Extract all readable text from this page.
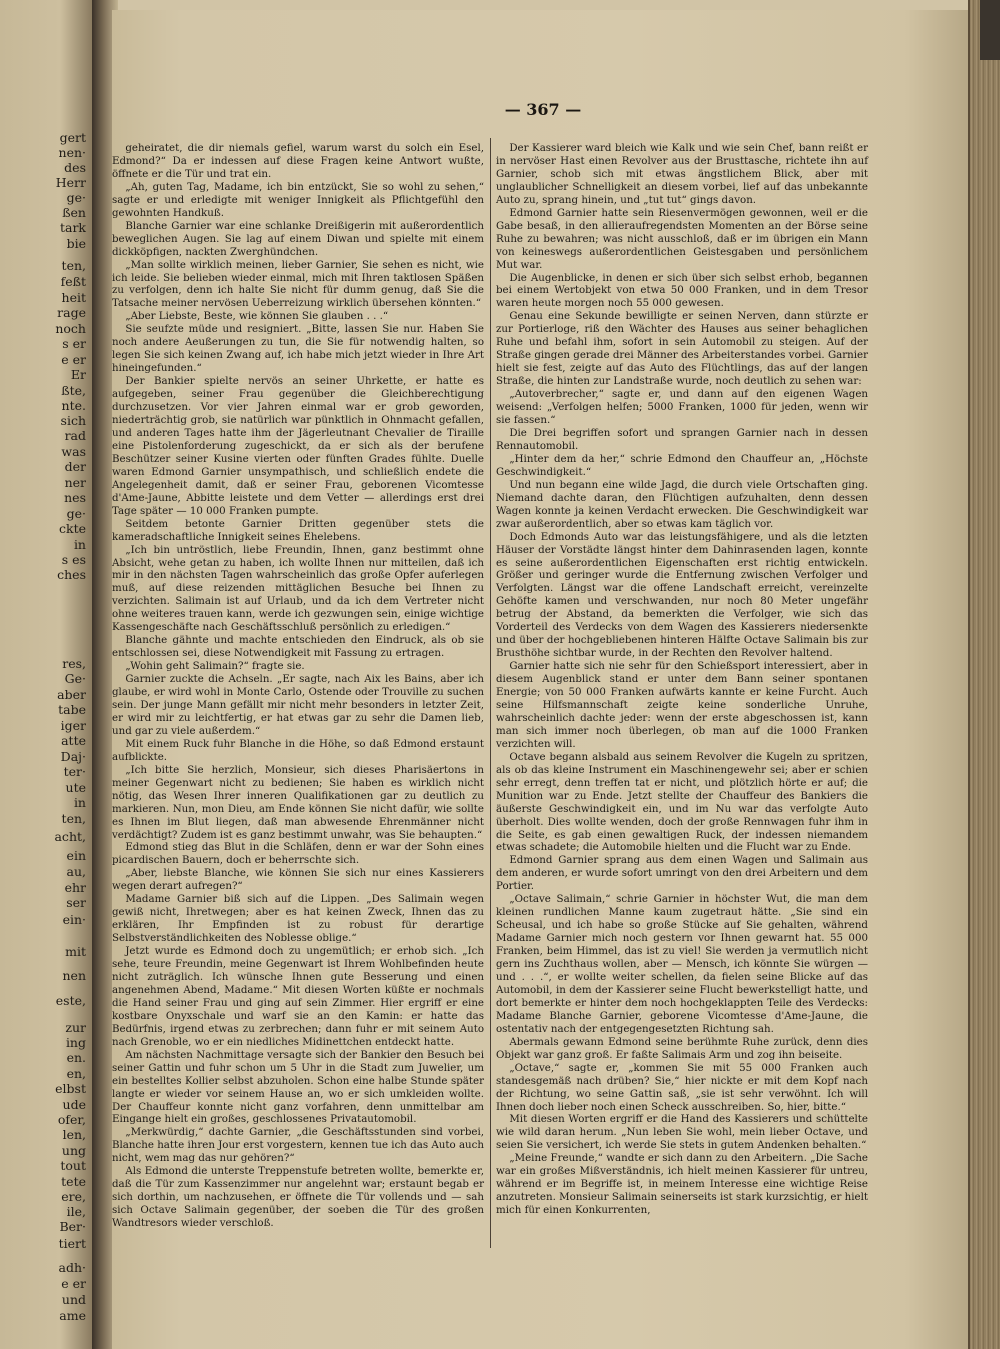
gert
nen·
des
Herr
ge·
ßen
tark
bie
ten,
feßt
heit
rage
noch
s er
e er
Er
ßte,
nte.
sich
rad
was
der
ner
nes
ge·
ckte
in
s es
ches
res,
Ge·
aber
tabe
iger
atte
Daj·
ter·
ute
in
ten,
acht,
ein
au,
ehr
ser
ein·
mit
nen
este,
zur
ing
en.
en,
elbst
ude
ofer,
len,
ung
tout
tete
ere,
ile,
Ber·
tiert
adh·
e er
und
ame
— 367 —

geheiratet, die dir niemals gefiel, warum warst du solch ein Esel, Edmond?“ Da er indessen auf diese Fragen keine Antwort wußte, öffnete er die Tür und trat ein.

„Ah, guten Tag, Madame, ich bin entzückt, Sie so wohl zu sehen,“ sagte er und erledigte mit weniger Innigkeit als Pflichtgefühl den gewohnten Handkuß.

Blanche Garnier war eine schlanke Dreißigerin mit außerordentlich beweglichen Augen. Sie lag auf einem Diwan und spielte mit einem dickköpfigen, nackten Zwerghündchen.

„Man sollte wirklich meinen, lieber Garnier, Sie sehen es nicht, wie ich leide. Sie belieben wieder einmal, mich mit Ihren taktlosen Späßen zu verfolgen, denn ich halte Sie nicht für dumm genug, daß Sie die Tatsache meiner nervösen Ueberreizung wirklich übersehen könnten.“

„Aber Liebste, Beste, wie können Sie glauben . . .“

Sie seufzte müde und resigniert. „Bitte, lassen Sie nur. Haben Sie noch andere Aeußerungen zu tun, die Sie für notwendig halten, so legen Sie sich keinen Zwang auf, ich habe mich jetzt wieder in Ihre Art hineingefunden.“

Der Bankier spielte nervös an seiner Uhrkette, er hatte es aufgegeben, seiner Frau gegenüber die Gleichberechtigung durchzusetzen. Vor vier Jahren einmal war er grob geworden, niederträchtig grob, sie natürlich war pünktlich in Ohnmacht gefallen, und anderen Tages hatte ihm der Jägerleutnant Chevalier de Tiraille eine Pistolenforderung zugeschickt, da er sich als der berufene Beschützer seiner Kusine vierten oder fünften Grades fühlte. Duelle waren Edmond Garnier unsympathisch, und schließlich endete die Angelegenheit damit, daß er seiner Frau, geborenen Vicomtesse d'Ame-Jaune, Abbitte leistete und dem Vetter — allerdings erst drei Tage später — 10 000 Franken pumpte.

Seitdem betonte Garnier Dritten gegenüber stets die kameradschaftliche Innigkeit seines Ehelebens.

„Ich bin untröstlich, liebe Freundin, Ihnen, ganz bestimmt ohne Absicht, wehe getan zu haben, ich wollte Ihnen nur mitteilen, daß ich mir in den nächsten Tagen wahrscheinlich das große Opfer auferlegen muß, auf diese reizenden mittäglichen Besuche bei Ihnen zu verzichten. Salimain ist auf Urlaub, und da ich dem Vertreter nicht ohne weiteres trauen kann, werde ich gezwungen sein, einige wichtige Kassengeschäfte nach Geschäftsschluß persönlich zu erledigen.“

Blanche gähnte und machte entschieden den Eindruck, als ob sie entschlossen sei, diese Notwendigkeit mit Fassung zu ertragen.

„Wohin geht Salimain?“ fragte sie.

Garnier zuckte die Achseln. „Er sagte, nach Aix les Bains, aber ich glaube, er wird wohl in Monte Carlo, Ostende oder Trouville zu suchen sein. Der junge Mann gefällt mir nicht mehr besonders in letzter Zeit, er wird mir zu leichtfertig, er hat etwas gar zu sehr die Damen lieb, und gar zu viele außerdem.“

Mit einem Ruck fuhr Blanche in die Höhe, so daß Edmond erstaunt aufblickte.

„Ich bitte Sie herzlich, Monsieur, sich dieses Pharisäertons in meiner Gegenwart nicht zu bedienen; Sie haben es wirklich nicht nötig, das Wesen Ihrer inneren Qualifikationen gar zu deutlich zu markieren. Nun, mon Dieu, am Ende können Sie nicht dafür, wie sollte es Ihnen im Blut liegen, daß man abwesende Ehrenmänner nicht verdächtigt? Zudem ist es ganz bestimmt unwahr, was Sie behaupten.“

Edmond stieg das Blut in die Schläfen, denn er war der Sohn eines picardischen Bauern, doch er beherrschte sich.

„Aber, liebste Blanche, wie können Sie sich nur eines Kassierers wegen derart aufregen?“

Madame Garnier biß sich auf die Lippen. „Des Salimain wegen gewiß nicht, Ihretwegen; aber es hat keinen Zweck, Ihnen das zu erklären, Ihr Empfinden ist zu robust für derartige Selbstverständlichkeiten des Noblesse oblige.“

Jetzt wurde es Edmond doch zu ungemütlich; er erhob sich. „Ich sehe, teure Freundin, meine Gegenwart ist Ihrem Wohlbefinden heute nicht zuträglich. Ich wünsche Ihnen gute Besserung und einen angenehmen Abend, Madame.“ Mit diesen Worten küßte er nochmals die Hand seiner Frau und ging auf sein Zimmer. Hier ergriff er eine kostbare Onyxschale und warf sie an den Kamin: er hatte das Bedürfnis, irgend etwas zu zerbrechen; dann fuhr er mit seinem Auto nach Grenoble, wo er ein niedliches Midinettchen entdeckt hatte.

Am nächsten Nachmittage versagte sich der Bankier den Besuch bei seiner Gattin und fuhr schon um 5 Uhr in die Stadt zum Juwelier, um ein bestelltes Kollier selbst abzuholen. Schon eine halbe Stunde später langte er wieder vor seinem Hause an, wo er sich umkleiden wollte. Der Chauffeur konnte nicht ganz vorfahren, denn unmittelbar am Eingange hielt ein großes, geschlossenes Privatautomobil.

„Merkwürdig,“ dachte Garnier, „die Geschäftsstunden sind vorbei, Blanche hatte ihren Jour erst vorgestern, kennen tue ich das Auto auch nicht, wem mag das nur gehören?“

Als Edmond die unterste Treppenstufe betreten wollte, bemerkte er, daß die Tür zum Kassenzimmer nur angelehnt war; erstaunt begab er sich dorthin, um nachzusehen, er öffnete die Tür vollends und — sah sich Octave Salimain gegenüber, der soeben die Tür des großen Wandtresors wieder verschloß.

Der Kassierer ward bleich wie Kalk und wie sein Chef, bann reißt er in nervöser Hast einen Revolver aus der Brusttasche, richtete ihn auf Garnier, schob sich mit etwas ängstlichem Blick, aber mit unglaublicher Schnelligkeit an diesem vorbei, lief auf das unbekannte Auto zu, sprang hinein, und „tut tut“ gings davon.

Edmond Garnier hatte sein Riesenvermögen gewonnen, weil er die Gabe besaß, in den allieraufregendsten Momenten an der Börse seine Ruhe zu bewahren; was nicht ausschloß, daß er im übrigen ein Mann von keineswegs außerordentlichen Geistesgaben und persönlichem Mut war.

Die Augenblicke, in denen er sich über sich selbst erhob, begannen bei einem Wertobjekt von etwa 50 000 Franken, und in dem Tresor waren heute morgen noch 55 000 gewesen.

Genau eine Sekunde bewilligte er seinen Nerven, dann stürzte er zur Portierloge, riß den Wächter des Hauses aus seiner behaglichen Ruhe und befahl ihm, sofort in sein Automobil zu steigen. Auf der Straße gingen gerade drei Männer des Arbeiterstandes vorbei. Garnier hielt sie fest, zeigte auf das Auto des Flüchtlings, das auf der langen Straße, die hinten zur Landstraße wurde, noch deutlich zu sehen war:

„Autoverbrecher,“ sagte er, und dann auf den eigenen Wagen weisend: „Verfolgen helfen; 5000 Franken, 1000 für jeden, wenn wir sie fassen.“

Die Drei begriffen sofort und sprangen Garnier nach in dessen Rennautomobil.

„Hinter dem da her,“ schrie Edmond den Chauffeur an, „Höchste Geschwindigkeit.“

Und nun begann eine wilde Jagd, die durch viele Ortschaften ging. Niemand dachte daran, den Flüchtigen aufzuhalten, denn dessen Wagen konnte ja keinen Verdacht erwecken. Die Geschwindigkeit war zwar außerordentlich, aber so etwas kam täglich vor.

Doch Edmonds Auto war das leistungsfähigere, und als die letzten Häuser der Vorstädte längst hinter dem Dahinrasenden lagen, konnte es seine außerordentlichen Eigenschaften erst richtig entwickeln. Größer und geringer wurde die Entfernung zwischen Verfolger und Verfolgten. Längst war die offene Landschaft erreicht, vereinzelte Gehöfte kamen und verschwanden, nur noch 80 Meter ungefähr betrug der Abstand, da bemerkten die Verfolger, wie sich das Vorderteil des Verdecks von dem Wagen des Kassierers niedersenkte und über der hochgebliebenen hinteren Hälfte Octave Salimain bis zur Brusthöhe sichtbar wurde, in der Rechten den Revolver haltend.

Garnier hatte sich nie sehr für den Schießsport interessiert, aber in diesem Augenblick stand er unter dem Bann seiner spontanen Energie; von 50 000 Franken aufwärts kannte er keine Furcht. Auch seine Hilfsmannschaft zeigte keine sonderliche Unruhe, wahrscheinlich dachte jeder: wenn der erste abgeschossen ist, kann man sich immer noch überlegen, ob man auf die 1000 Franken verzichten will.

Octave begann alsbald aus seinem Revolver die Kugeln zu spritzen, als ob das kleine Instrument ein Maschinengewehr sei; aber er schien sehr erregt, denn treffen tat er nicht, und plötzlich hörte er auf; die Munition war zu Ende. Jetzt stellte der Chauffeur des Bankiers die äußerste Geschwindigkeit ein, und im Nu war das verfolgte Auto überholt. Dies wollte wenden, doch der große Rennwagen fuhr ihm in die Seite, es gab einen gewaltigen Ruck, der indessen niemandem etwas schadete; die Automobile hielten und die Flucht war zu Ende.

Edmond Garnier sprang aus dem einen Wagen und Salimain aus dem anderen, er wurde sofort umringt von den drei Arbeitern und dem Portier.

„Octave Salimain,“ schrie Garnier in höchster Wut, die man dem kleinen rundlichen Manne kaum zugetraut hätte. „Sie sind ein Scheusal, und ich habe so große Stücke auf Sie gehalten, während Madame Garnier mich noch gestern vor Ihnen gewarnt hat. 55 000 Franken, beim Himmel, das ist zu viel! Sie werden ja vermutlich nicht gern ins Zuchthaus wollen, aber — Mensch, ich könnte Sie würgen — und . . .“, er wollte weiter schellen, da fielen seine Blicke auf das Automobil, in dem der Kassierer seine Flucht bewerkstelligt hatte, und dort bemerkte er hinter dem noch hochgeklappten Teile des Verdecks: Madame Blanche Garnier, geborene Vicomtesse d'Ame-Jaune, die ostentativ nach der entgegengesetzten Richtung sah.

Abermals gewann Edmond seine berühmte Ruhe zurück, denn dies Objekt war ganz groß. Er faßte Salimais Arm und zog ihn beiseite.

„Octave,“ sagte er, „kommen Sie mit 55 000 Franken auch standesgemäß nach drüben? Sie,“ hier nickte er mit dem Kopf nach der Richtung, wo seine Gattin saß, „sie ist sehr verwöhnt. Ich will Ihnen doch lieber noch einen Scheck ausschreiben. So, hier, bitte.“

Mit diesen Worten ergriff er die Hand des Kassierers und schüttelte wie wild daran herum. „Nun leben Sie wohl, mein lieber Octave, und seien Sie versichert, ich werde Sie stets in gutem Andenken behalten.“

„Meine Freunde,“ wandte er sich dann zu den Arbeitern. „Die Sache war ein großes Mißverständnis, ich hielt meinen Kassierer für untreu, während er im Begriffe ist, in meinem Interesse eine wichtige Reise anzutreten. Monsieur Salimain seinerseits ist stark kurzsichtig, er hielt mich für einen Konkurrenten,
